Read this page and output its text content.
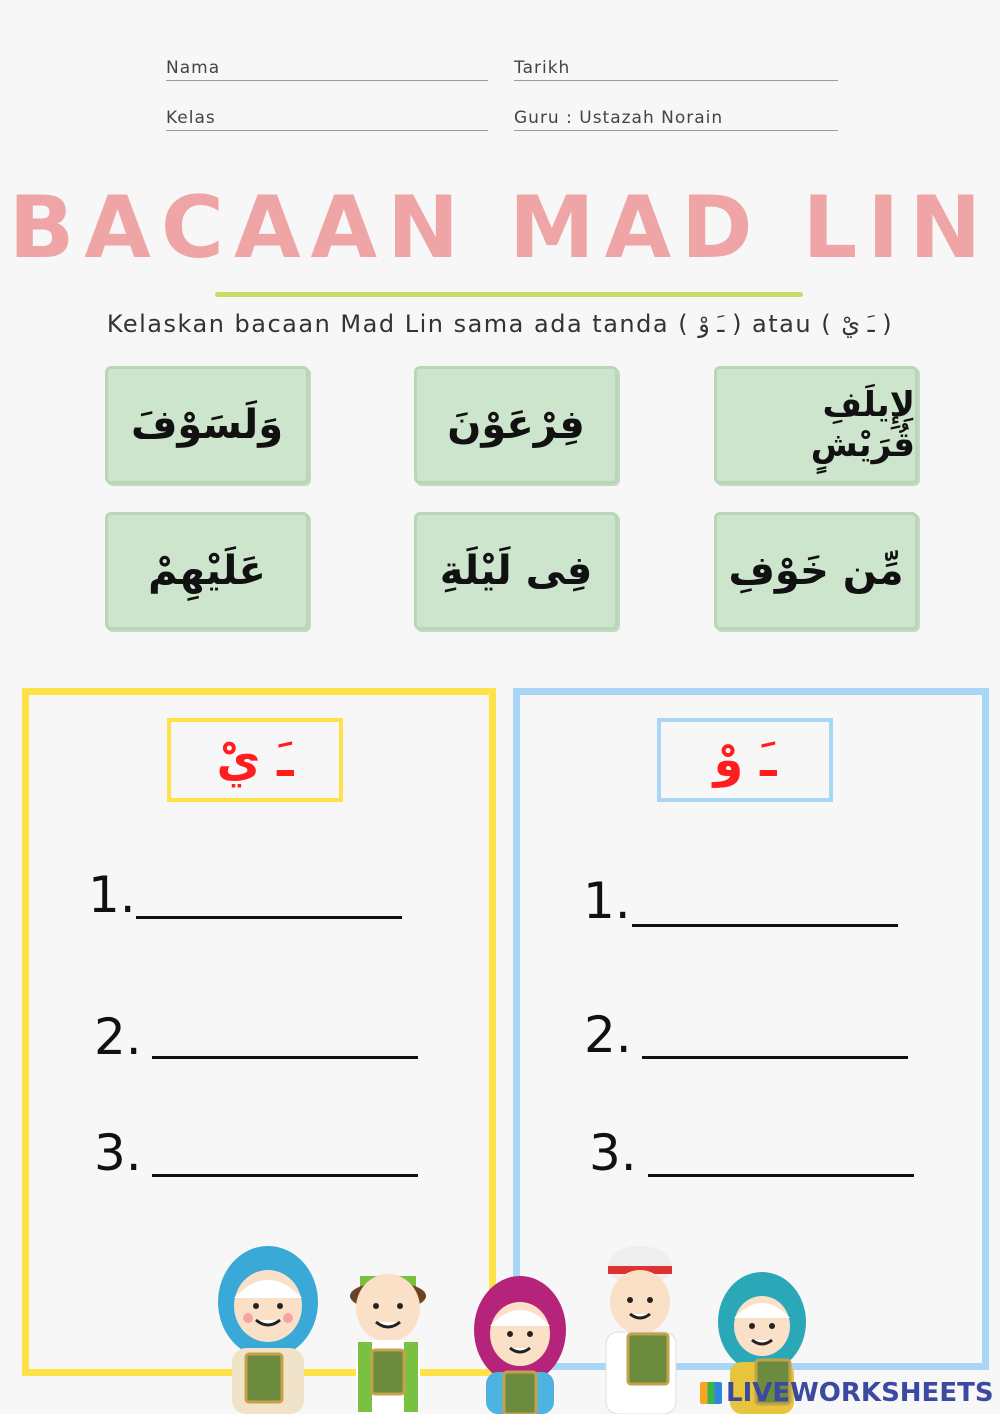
Nama	Tarikh
Kelas	Guru : Ustazah Norain
BACAAN MAD LIN
Kelaskan bacaan Mad Lin sama ada tanda ( ـَ وْ ) atau ( ـَ يْ )
وَلَسَوْفَ	فِرْعَوْنَ	لِإِيلَفِ قُرَيْشٍ
عَلَيْهِمْ	فِى لَيْلَةِ	مِّن خَوْفِ
ـَ يْ
1.
2.
3.
ـَ وْ
1.
2.
3.
LIVEWORKSHEETS
